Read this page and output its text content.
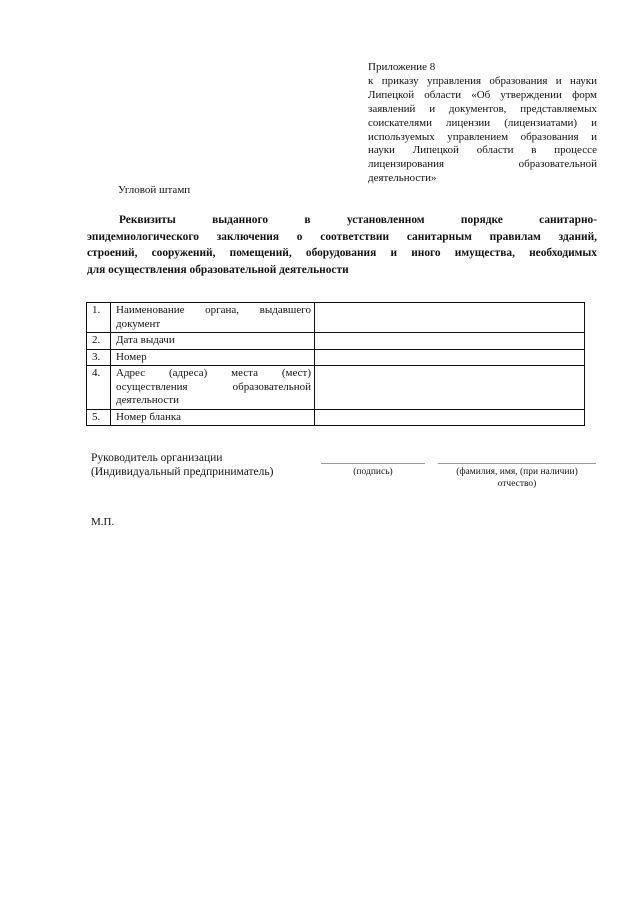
Приложение 8
к приказу управления образования и науки
Липецкой области «Об утверждении форм
заявлений и документов, представляемых
соискателями лицензии (лицензиатами) и
используемых управлением образования и
науки Липецкой области в процессе
лицензирования образовательной
деятельности»
Угловой штамп
Реквизиты выданного в установленном порядке санитарно-
эпидемиологического заключения о соответствии санитарным правилам зданий,
строений, сооружений, помещений, оборудования и иного имущества, необходимых
для осуществления образовательной деятельности
1.	Наименование органа, выдавшего
документ	

2.	Дата выдачи	

3.	Номер	

4.	Адрес (адреса) места (мест)
осуществления образовательной
деятельности	

5.	Номер бланка	

Руководитель организации
(Индивидуальный предприниматель)	(подпись)	(фамилия, имя, (при наличии)
отчество)
М.П.
